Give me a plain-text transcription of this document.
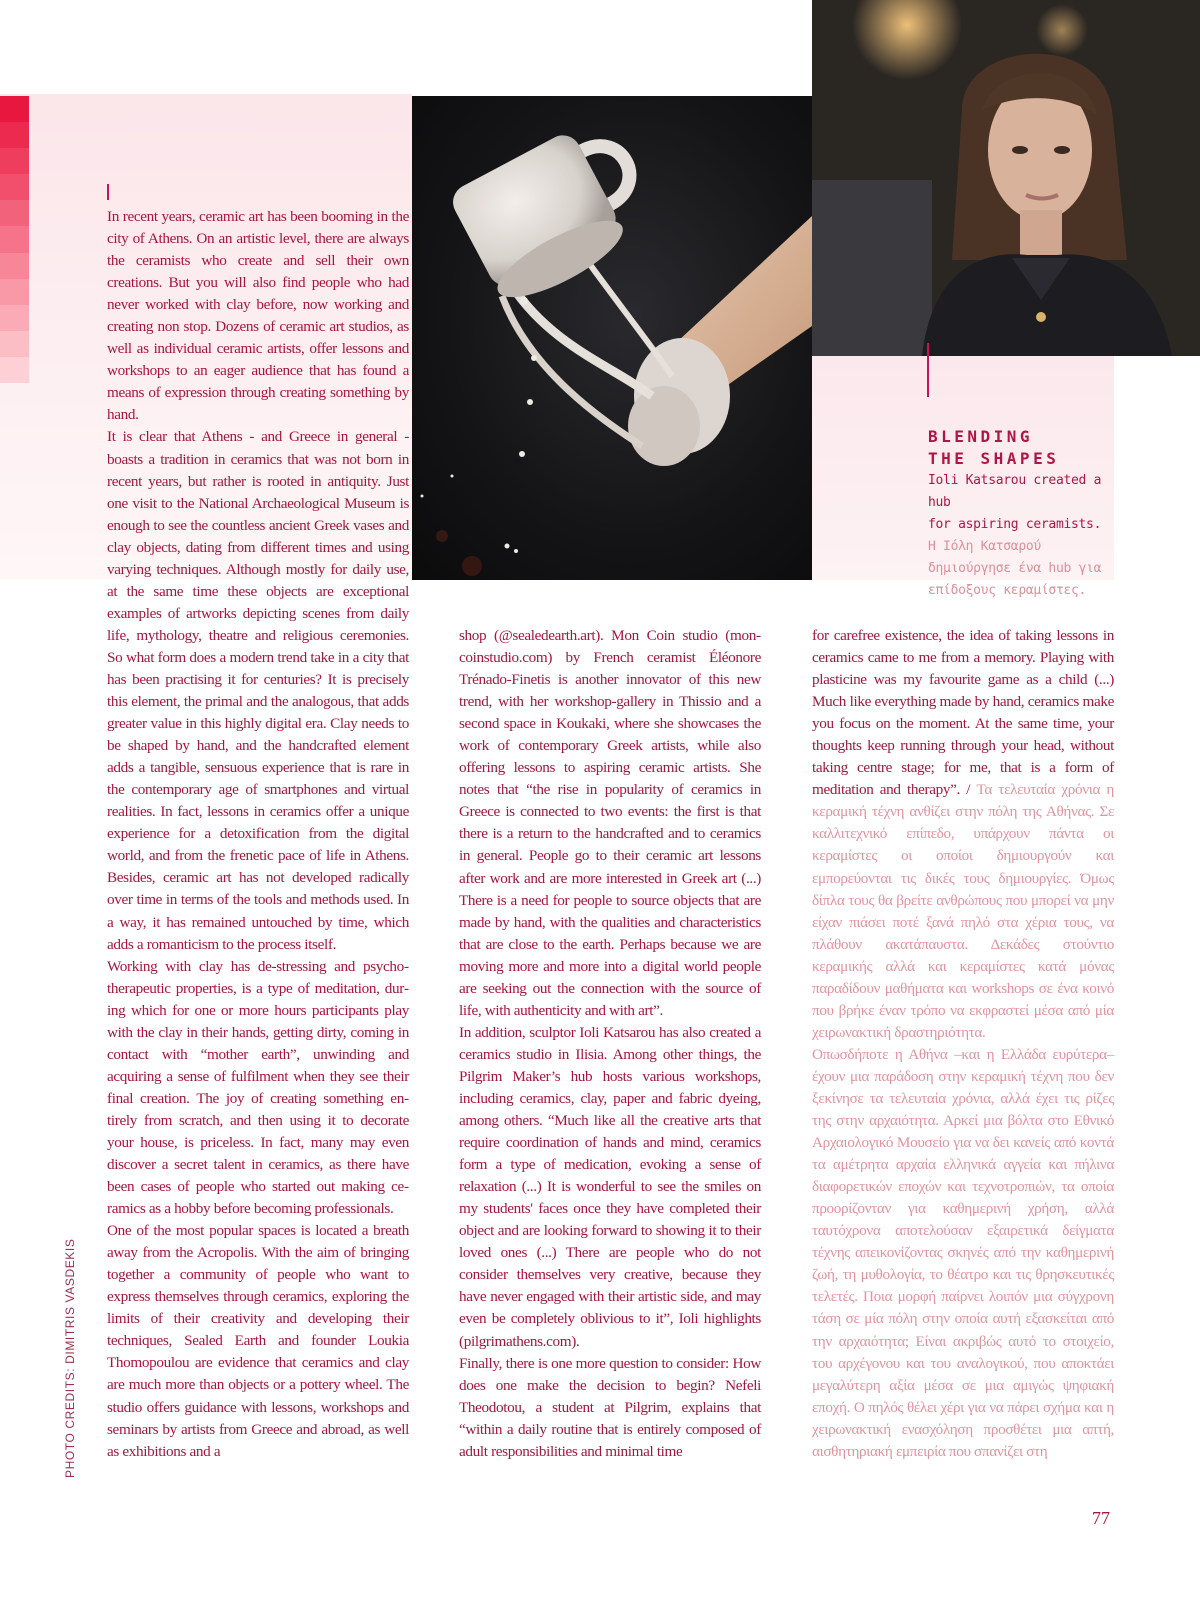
BLENDING
THE SHAPES
Ioli Katsarou created a hub
for aspiring ceramists.
Η Ιόλη Κατσαρού
δημιούργησε ένα hub για
επίδοξους κεραμίστες.

In recent years, ceramic art has been booming in the city of Athens. On an artistic level, there are always the ceramists who create and sell their own creations. But you will also find people who had never worked with clay before, now working and creating non stop. Dozens of ceramic art studios, as well as individual ceramic artists, offer lessons and workshops to an eager audience that has found a means of expression through creating something by hand.

It is clear that Athens - and Greece in general - boasts a tradition in ceramics that was not born in recent years, but rather is rooted in antiquity. Just one visit to the National Archaeological Museum is enough to see the countless ancient Greek vases and clay objects, dating from different times and using varying techniques. Although mostly for daily use, at the same time these objects are exceptional examples of artworks depicting scenes from daily life, mythology, theatre and religious ceremonies. So what form does a modern trend take in a city that has been practising it for centuries? It is precisely this element, the primal and the analogous, that adds greater value in this highly digital era. Clay needs to be shaped by hand, and the handcrafted element adds a tangible, sensuous experience that is rare in the contemporary age of smartphones and virtual realities. In fact, lessons in ceramics offer a unique experience for a detoxification from the digital world, and from the frenetic pace of life in Athens. Besides, ceramic art has not developed radically over time in terms of the tools and methods used. In a way, it has remained untouched by time, which adds a romanticism to the process itself.

Working with clay has de-stressing and psychotherapeutic properties, is a type of meditation, during which for one or more hours participants play with the clay in their hands, getting dirty, coming in contact with “mother earth”, unwinding and acquiring a sense of fulfilment when they see their final creation. The joy of creating something entirely from scratch, and then using it to decorate your house, is priceless. In fact, many may even discover a secret talent in ceramics, as there have been cases of people who started out making ceramics as a hobby before becoming professionals.

One of the most popular spaces is located a breath away from the Acropolis. With the aim of bringing together a community of people who want to express themselves through ceramics, exploring the limits of their creativity and developing their techniques, Sealed Earth and founder Loukia Thomopoulou are evidence that ceramics and clay are much more than objects or a pottery wheel. The studio offers guidance with lessons, workshops and seminars by artists from Greece and abroad, as well as exhibitions and a

shop (@sealedearth.art). Mon Coin studio (moncoinstudio.com) by French ceramist Éléonore Trénado-Finetis is another innovator of this new trend, with her workshop-gallery in Thissio and a second space in Koukaki, where she showcases the work of contemporary Greek artists, while also offering lessons to aspiring ceramic artists. She notes that “the rise in popularity of ceramics in Greece is connected to two events: the first is that there is a return to the handcrafted and to ceramics in general. People go to their ceramic art lessons after work and are more interested in Greek art (...) There is a need for people to source objects that are made by hand, with the qualities and characteristics that are close to the earth. Perhaps because we are moving more and more into a digital world people are seeking out the connection with the source of life, with authenticity and with art”.

In addition, sculptor Ioli Katsarou has also created a ceramics studio in Ilisia. Among other things, the Pilgrim Maker’s hub hosts various workshops, including ceramics, clay, paper and fabric dyeing, among others. “Much like all the creative arts that require coordination of hands and mind, ceramics form a type of medication, evoking a sense of relaxation (...) It is wonderful to see the smiles on my students' faces once they have completed their object and are looking forward to showing it to their loved ones (...) There are people who do not consider themselves very creative, because they have never engaged with their artistic side, and may even be completely oblivious to it”, Ioli highlights (pilgrimathens.com).

Finally, there is one more question to consider: How does one make the decision to begin? Nefeli Theodotou, a student at Pilgrim, explains that “within a daily routine that is entirely composed of adult responsibilities and minimal time

for carefree existence, the idea of taking lessons in ceramics came to me from a memory. Playing with plasticine was my favourite game as a child (...) Much like everything made by hand, ceramics make you focus on the moment. At the same time, your thoughts keep running through your head, without taking centre stage; for me, that is a form of meditation and therapy”. / Τα τελευταία χρόνια η κεραμική τέχνη ανθίζει στην πόλη της Αθήνας. Σε καλλιτεχνικό επίπεδο, υπάρχουν πάντα οι κεραμίστες οι οποίοι δημιουργούν και εμπορεύονται τις δικές τους δημιουργίες. Όμως δίπλα τους θα βρείτε ανθρώπους που μπορεί να μην είχαν πιάσει ποτέ ξανά πηλό στα χέρια τους, να πλάθουν ακατάπαυστα. Δεκάδες στούντιο κεραμικής αλλά και κεραμίστες κατά μόνας παραδίδουν μαθήματα και workshops σε ένα κοινό που βρήκε έναν τρόπο να εκφραστεί μέσα από μία χειρωνακτική δραστηριότητα.

Οπωσδήποτε η Αθήνα –και η Ελλάδα ευρύτερα– έχουν μια παράδοση στην κεραμική τέχνη που δεν ξεκίνησε τα τελευταία χρόνια, αλλά έχει τις ρίζες της στην αρχαιότητα. Αρκεί μια βόλτα στο Εθνικό Αρχαιολογικό Μουσείο για να δει κανείς από κοντά τα αμέτρητα αρχαία ελληνικά αγγεία και πήλινα διαφορετικών εποχών και τεχνοτροπιών, τα οποία προορίζονταν για καθημερινή χρήση, αλλά ταυτόχρονα αποτελούσαν εξαιρετικά δείγματα τέχνης απεικονίζοντας σκηνές από την καθημερινή ζωή, τη μυθολογία, το θέατρο και τις θρησκευτικές τελετές. Ποια μορφή παίρνει λοιπόν μια σύγχρονη τάση σε μία πόλη στην οποία αυτή εξασκείται από την αρχαιότητα; Είναι ακριβώς αυτό το στοιχείο, του αρχέγονου και του αναλογικού, που αποκτάει μεγαλύτερη αξία μέσα σε μια αμιγώς ψηφιακή εποχή. Ο πηλός θέλει χέρι για να πάρει σχήμα και η χειρωνακτική ενασχόληση προσθέτει μια απτή, αισθητηριακή εμπειρία που σπανίζει στη

PHOTO CREDITS: DIMITRIS VASDEKIS
77
